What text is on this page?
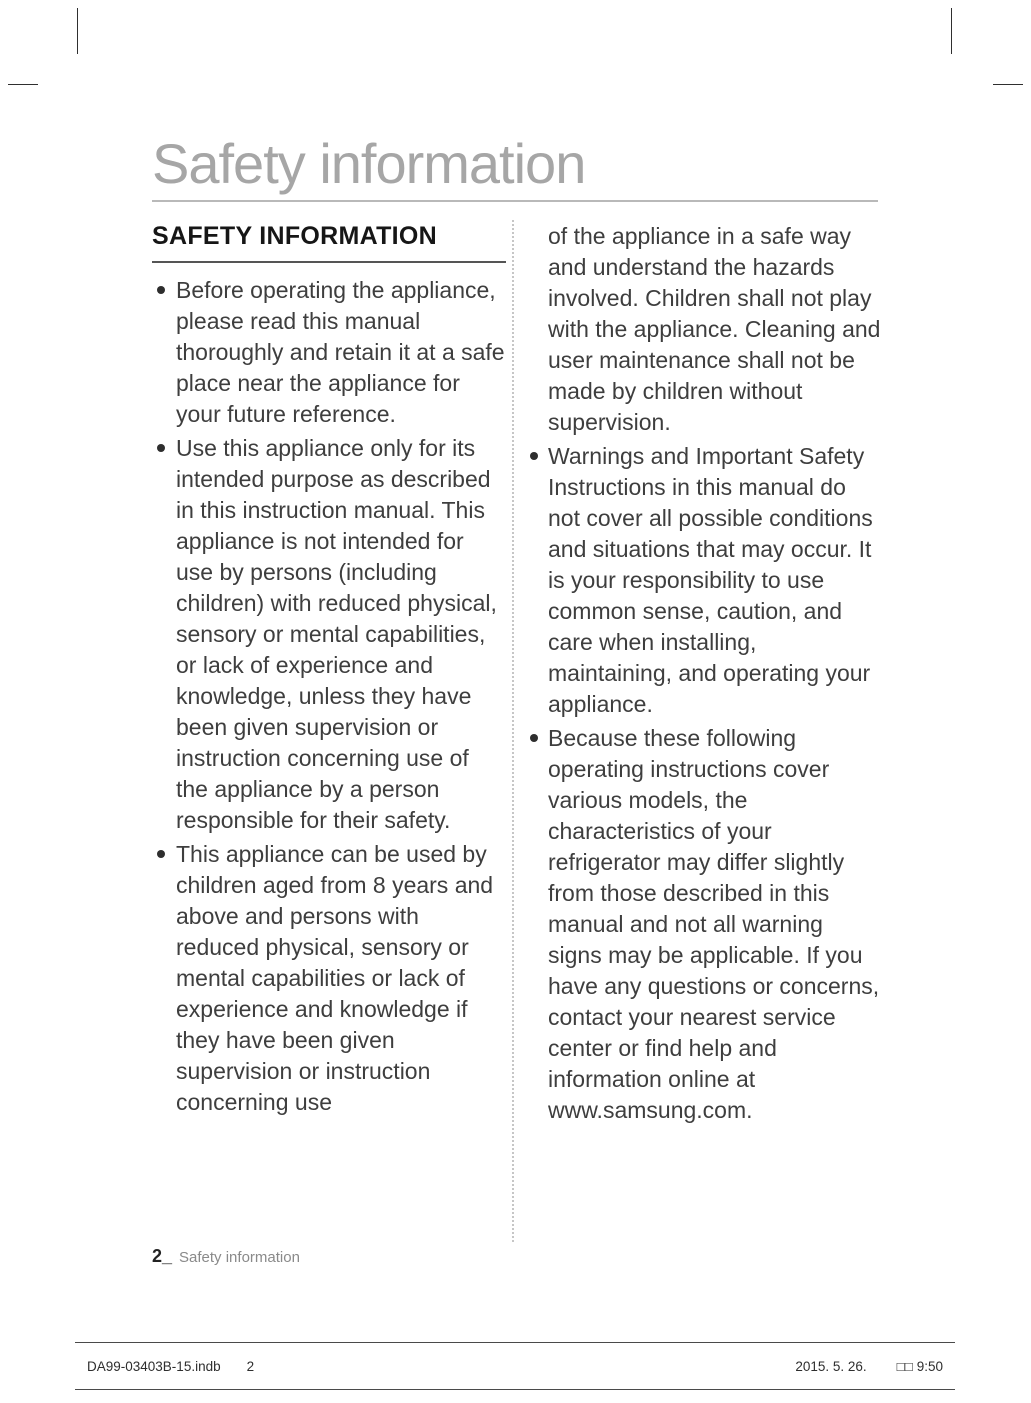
Safety information
SAFETY INFORMATION
Before operating the appliance, please read this manual thoroughly and retain it at a safe place near the appliance for your future reference.
Use this appliance only for its intended purpose as described in this instruction manual. This appliance is not intended for use by persons (including children) with reduced physical, sensory or mental capabilities, or lack of experience and knowledge, unless they have been given supervision or instruction concerning use of the appliance by a person responsible for their safety.
This appliance can be used by children aged from 8 years and above and persons with reduced physical, sensory or mental capabilities or lack of experience and knowledge if they have been given supervision or instruction concerning use

of the appliance in a safe way and understand the hazards involved. Children shall not play with the appliance. Cleaning and user maintenance shall not be made by children without supervision.

Warnings and Important Safety Instructions in this manual do not cover all possible conditions and situations that may occur. It is your responsibility to use common sense, caution, and care when installing, maintaining, and operating your appliance.
Because these following operating instructions cover various models, the characteristics of your refrigerator may differ slightly from those described in this manual and not all warning signs may be applicable. If you have any questions or concerns, contact your nearest service center or find help and information online at www.samsung.com.
2_ Safety information
DA99-03403B-15.indb 2	2015. 5. 26. □□ 9:50
